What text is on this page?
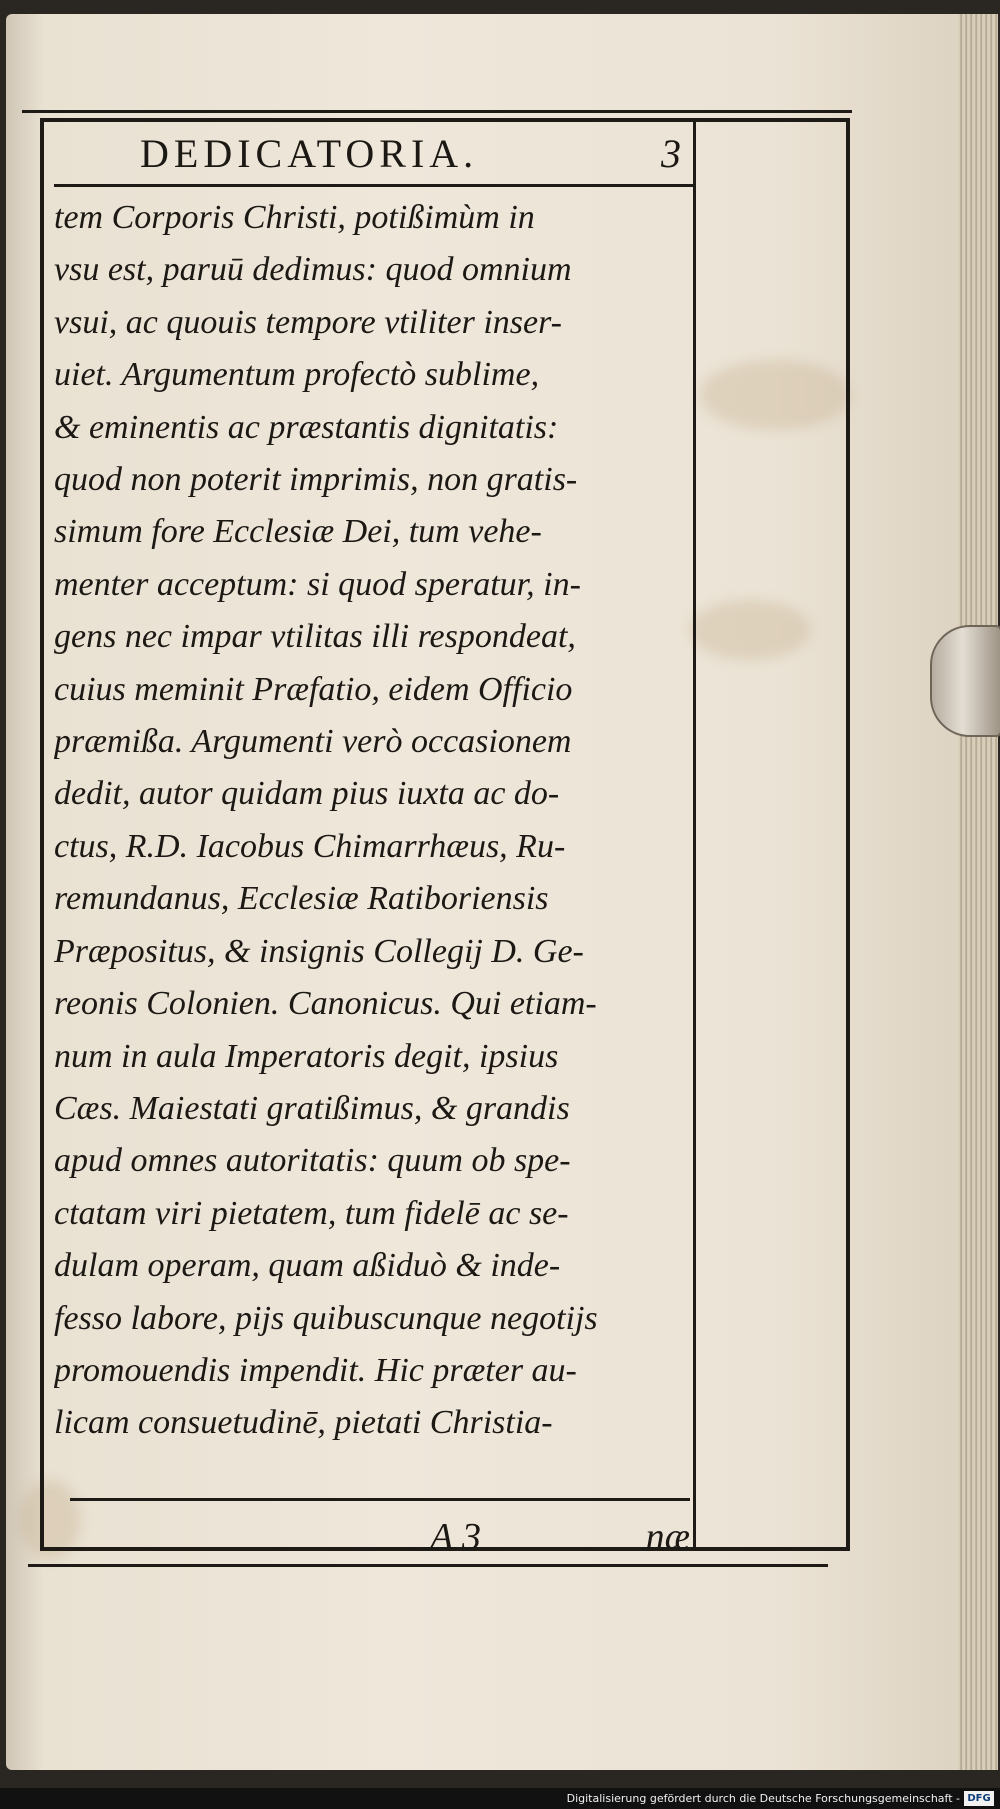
DEDICATORIA.	3
tem Corporis Christi, potißimùm in
vsu est, paruū dedimus: quod omnium
vsui, ac quouis tempore vtiliter inser-
uiet. Argumentum profectò sublime,
& eminentis ac præstantis dignitatis:
quod non poterit imprimis, non gratis-
simum fore Ecclesiæ Dei, tum vehe-
menter acceptum: si quod speratur, in-
gens nec impar vtilitas illi respondeat,
cuius meminit Præfatio, eidem Officio
præmißa. Argumenti verò occasionem
dedit, autor quidam pius iuxta ac do-
ctus, R.D. Iacobus Chimarrhæus, Ru-
remundanus, Ecclesiæ Ratiboriensis
Præpositus, & insignis Collegij D. Ge-
reonis Colonien. Canonicus. Qui etiam-
num in aula Imperatoris degit, ipsius
Cæs. Maiestati gratißimus, & grandis
apud omnes autoritatis: quum ob spe-
ctatam viri pietatem, tum fidelē ac se-
dulam operam, quam aßiduò & inde-
fesso labore, pijs quibuscunque negotijs
promouendis impendit. Hic præter au-
licam consuetudinē, pietati Christia-
A 3	næ
Digitalisierung gefördert durch die Deutsche Forschungsgemeinschaft - DFG
